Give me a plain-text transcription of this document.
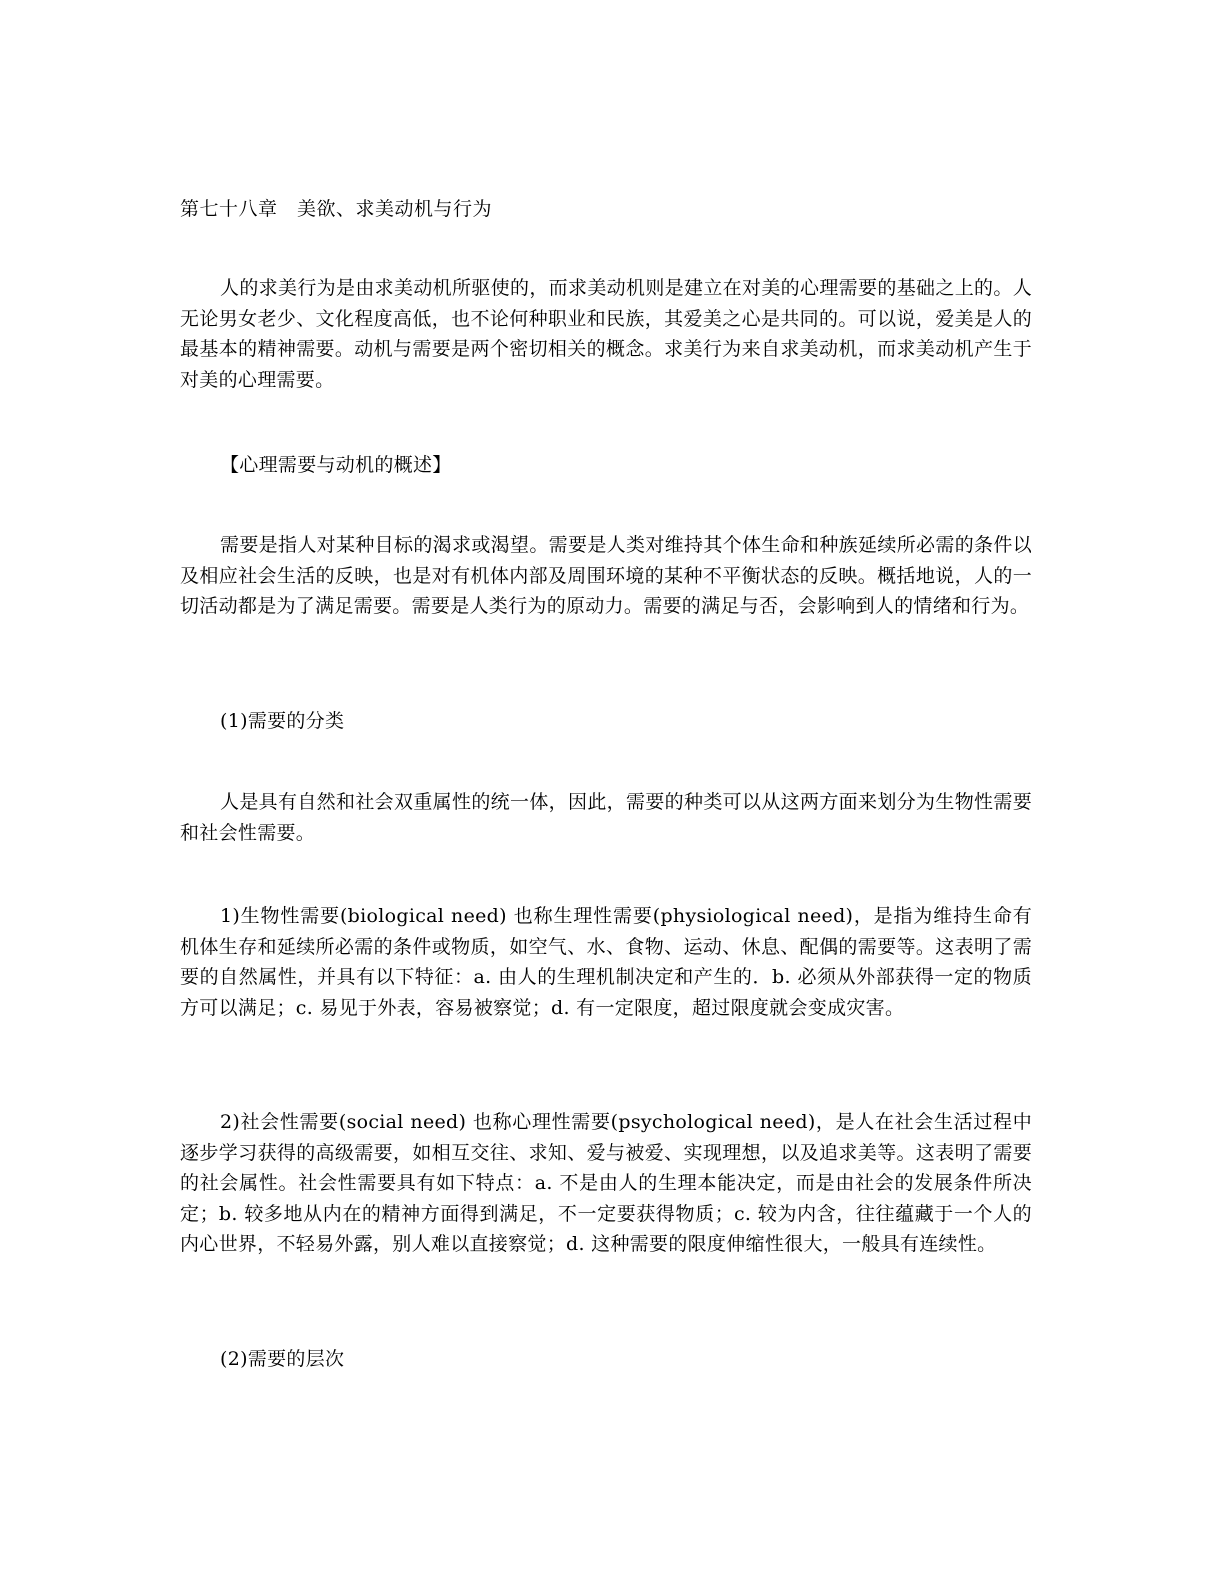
第七十八章　美欲、求美动机与行为

人的求美行为是由求美动机所驱使的，而求美动机则是建立在对美的心理需要的基础之上的。人无论男女老少、文化程度高低，也不论何种职业和民族，其爱美之心是共同的。可以说，爱美是人的最基本的精神需要。动机与需要是两个密切相关的概念。求美行为来自求美动机，而求美动机产生于对美的心理需要。

【心理需要与动机的概述】

需要是指人对某种目标的渴求或渴望。需要是人类对维持其个体生命和种族延续所必需的条件以及相应社会生活的反映，也是对有机体内部及周围环境的某种不平衡状态的反映。概括地说，人的一切活动都是为了满足需要。需要是人类行为的原动力。需要的满足与否，会影响到人的情绪和行为。

(1)需要的分类

人是具有自然和社会双重属性的统一体，因此，需要的种类可以从这两方面来划分为生物性需要和社会性需要。

1)生物性需要(biological need) 也称生理性需要(physiological need)，是指为维持生命有机体生存和延续所必需的条件或物质，如空气、水、食物、运动、休息、配偶的需要等。这表明了需要的自然属性，并具有以下特征：a. 由人的生理机制决定和产生的．b. 必须从外部获得一定的物质方可以满足；c. 易见于外表，容易被察觉；d. 有一定限度，超过限度就会变成灾害。

2)社会性需要(social need) 也称心理性需要(psychological need)，是人在社会生活过程中逐步学习获得的高级需要，如相互交往、求知、爱与被爱、实现理想，以及追求美等。这表明了需要的社会属性。社会性需要具有如下特点：a. 不是由人的生理本能决定，而是由社会的发展条件所决定；b. 较多地从内在的精神方面得到满足，不一定要获得物质；c. 较为内含，往往蕴藏于一个人的内心世界，不轻易外露，别人难以直接察觉；d. 这种需要的限度伸缩性很大，一般具有连续性。

(2)需要的层次
